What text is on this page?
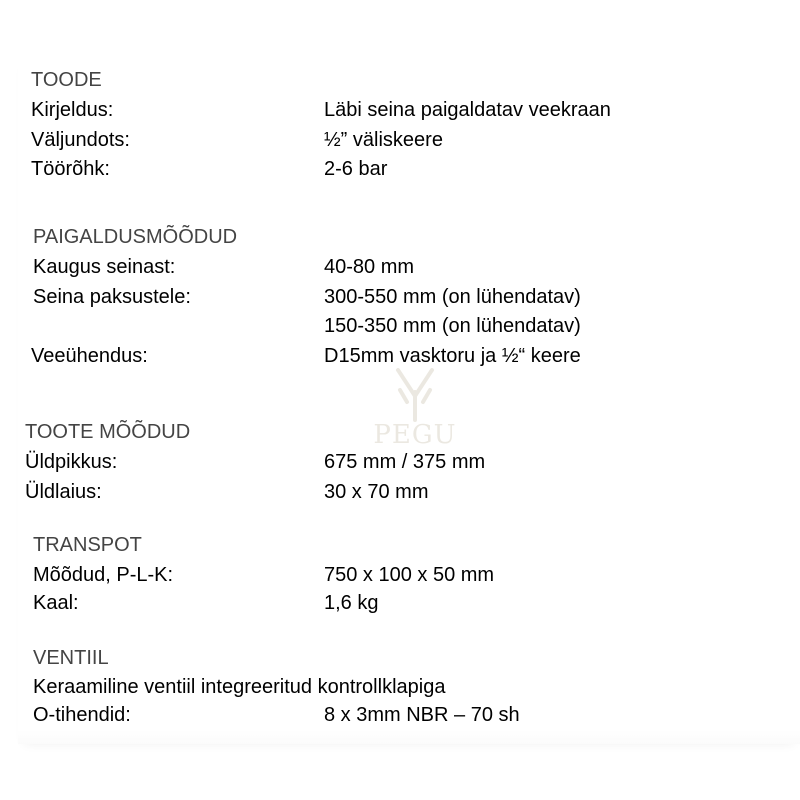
PEGU
TOODE
Kirjeldus:	Läbi seina paigaldatav veekraan
Väljundots:	½” väliskeere
Töörõhk:	2-6 bar
PAIGALDUSMÕÕDUD
Kaugus seinast:	40-80 mm
Seina paksustele:	300-550 mm (on lühendatav)
150-350 mm (on lühendatav)
Veeühendus:	D15mm vasktoru ja ½“ keere
TOOTE MÕÕDUD
Üldpikkus:	675 mm / 375 mm
Üldlaius:	30 x 70 mm
TRANSPOT
Mõõdud, P-L-K:	750 x 100 x 50 mm
Kaal:	1,6 kg
VENTIIL
Keraamiline ventiil integreeritud kontrollklapiga
O-tihendid:	8 x 3mm NBR – 70 sh
